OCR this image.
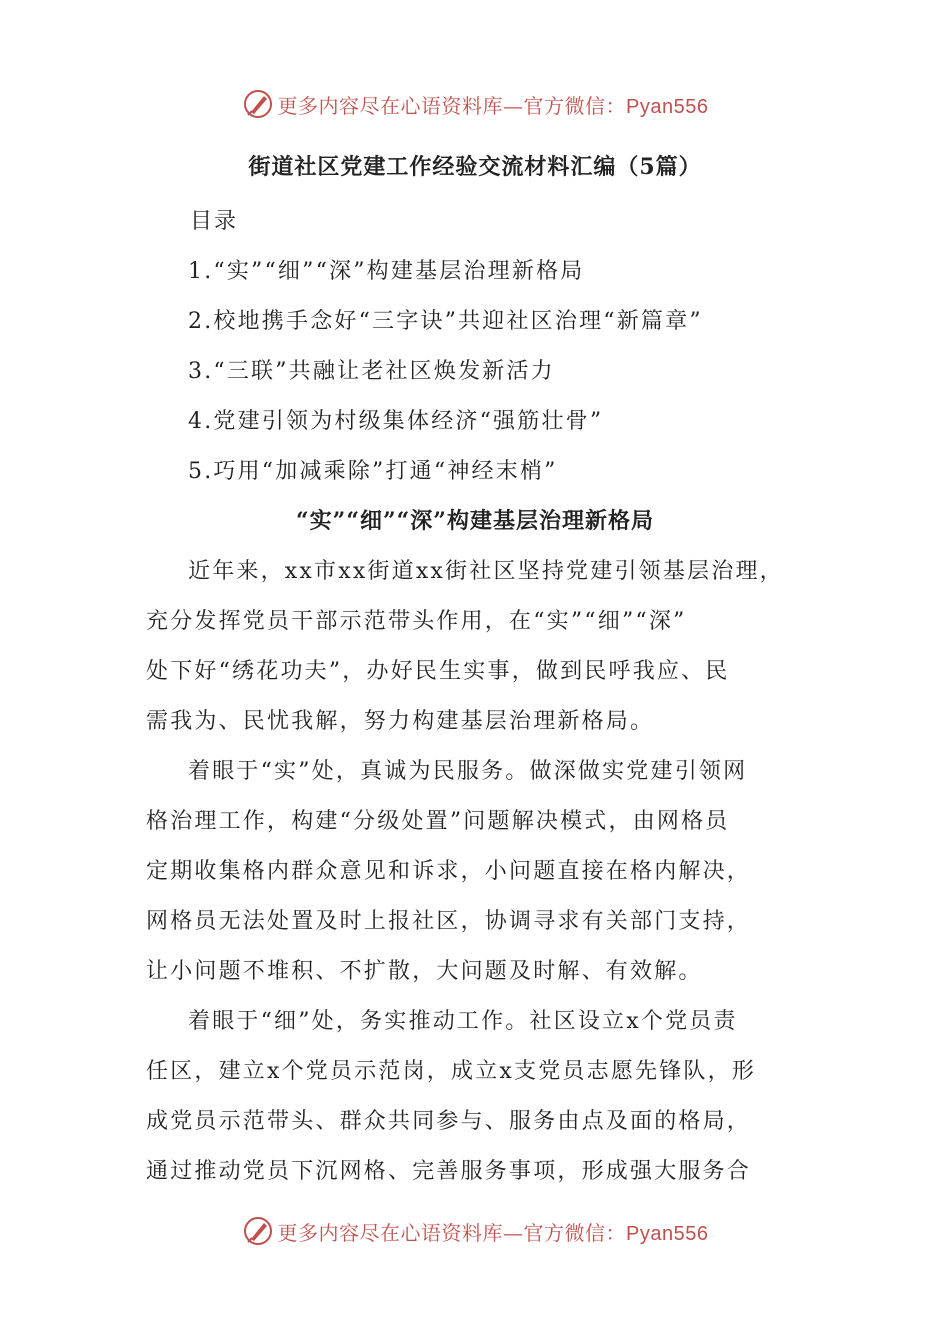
更多内容尽在心语资料库—官方微信：Pyan556
街道社区党建工作经验交流材料汇编（5篇）
目录
1.“实”“细”“深”构建基层治理新格局
2.校地携手念好“三字诀”共迎社区治理“新篇章”
3.“三联”共融让老社区焕发新活力
4.党建引领为村级集体经济“强筋壮骨”
5.巧用“加减乘除”打通“神经末梢”
“实”“细”“深”构建基层治理新格局
近年来，xx市xx街道xx街社区坚持党建引领基层治理，
充分发挥党员干部示范带头作用，在“实”“细”“深”
处下好“绣花功夫”，办好民生实事，做到民呼我应、民
需我为、民忧我解，努力构建基层治理新格局。
着眼于“实”处，真诚为民服务。做深做实党建引领网
格治理工作，构建“分级处置”问题解决模式，由网格员
定期收集格内群众意见和诉求，小问题直接在格内解决，
网格员无法处置及时上报社区，协调寻求有关部门支持，
让小问题不堆积、不扩散，大问题及时解、有效解。
着眼于“细”处，务实推动工作。社区设立x个党员责
任区，建立x个党员示范岗，成立x支党员志愿先锋队，形
成党员示范带头、群众共同参与、服务由点及面的格局，
通过推动党员下沉网格、完善服务事项，形成强大服务合
更多内容尽在心语资料库—官方微信：Pyan556
